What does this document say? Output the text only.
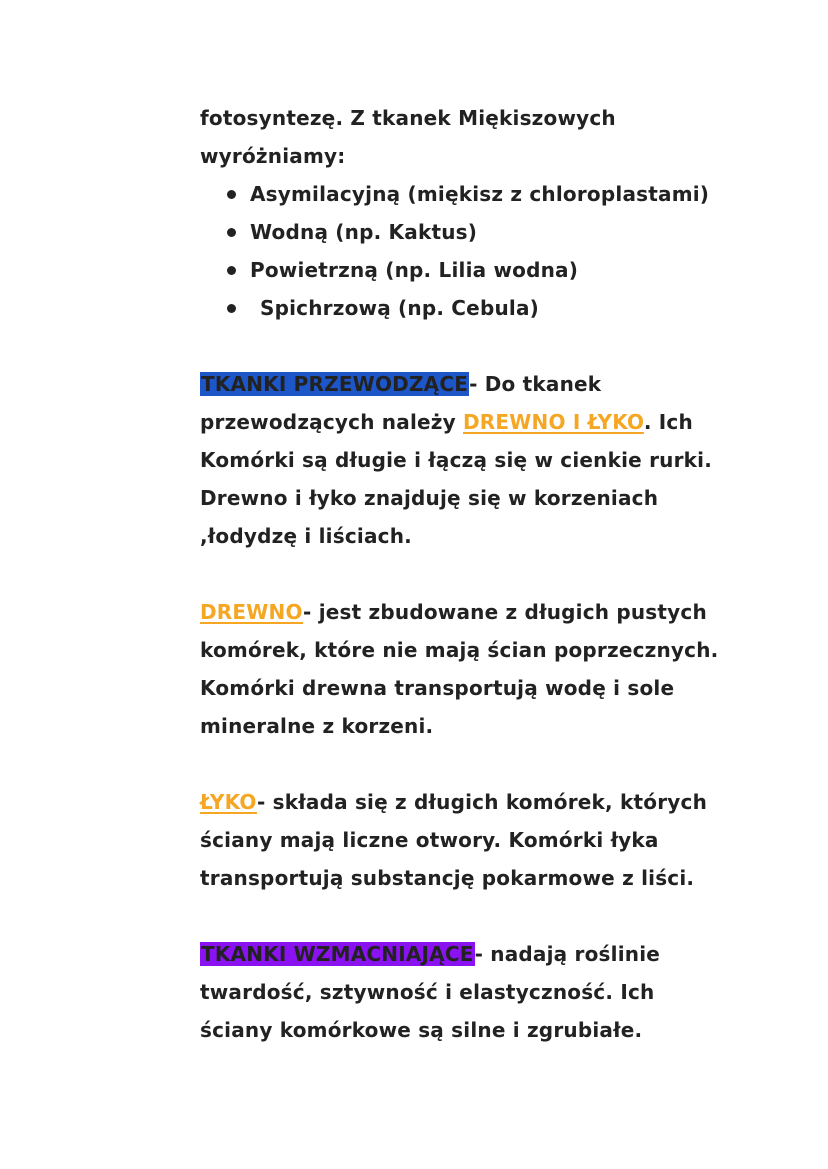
fotosyntezę. Z tkanek Miękiszowych

wyróżniamy:

Asymilacyjną (miękisz z chloroplastami)
Wodną (np. Kaktus)
Powietrzną (np. Lilia wodna)
Spichrzową (np. Cebula)

TKANKI PRZEWODZĄCE- Do tkanek

przewodzących należy DREWNO I ŁYKO. Ich

Komórki są długie i łączą się w cienkie rurki.

Drewno i łyko znajduję się w korzeniach

,łodydzę i liściach.

DREWNO- jest zbudowane z długich pustych

komórek, które nie mają ścian poprzecznych.

Komórki drewna transportują wodę i sole

mineralne z korzeni.

ŁYKO- składa się z długich komórek, których

ściany mają liczne otwory. Komórki łyka

transportują substancję pokarmowe z liści.

TKANKI WZMACNIAJĄCE- nadają roślinie

twardość, sztywność i elastyczność. Ich

ściany komórkowe są silne i zgrubiałe.
